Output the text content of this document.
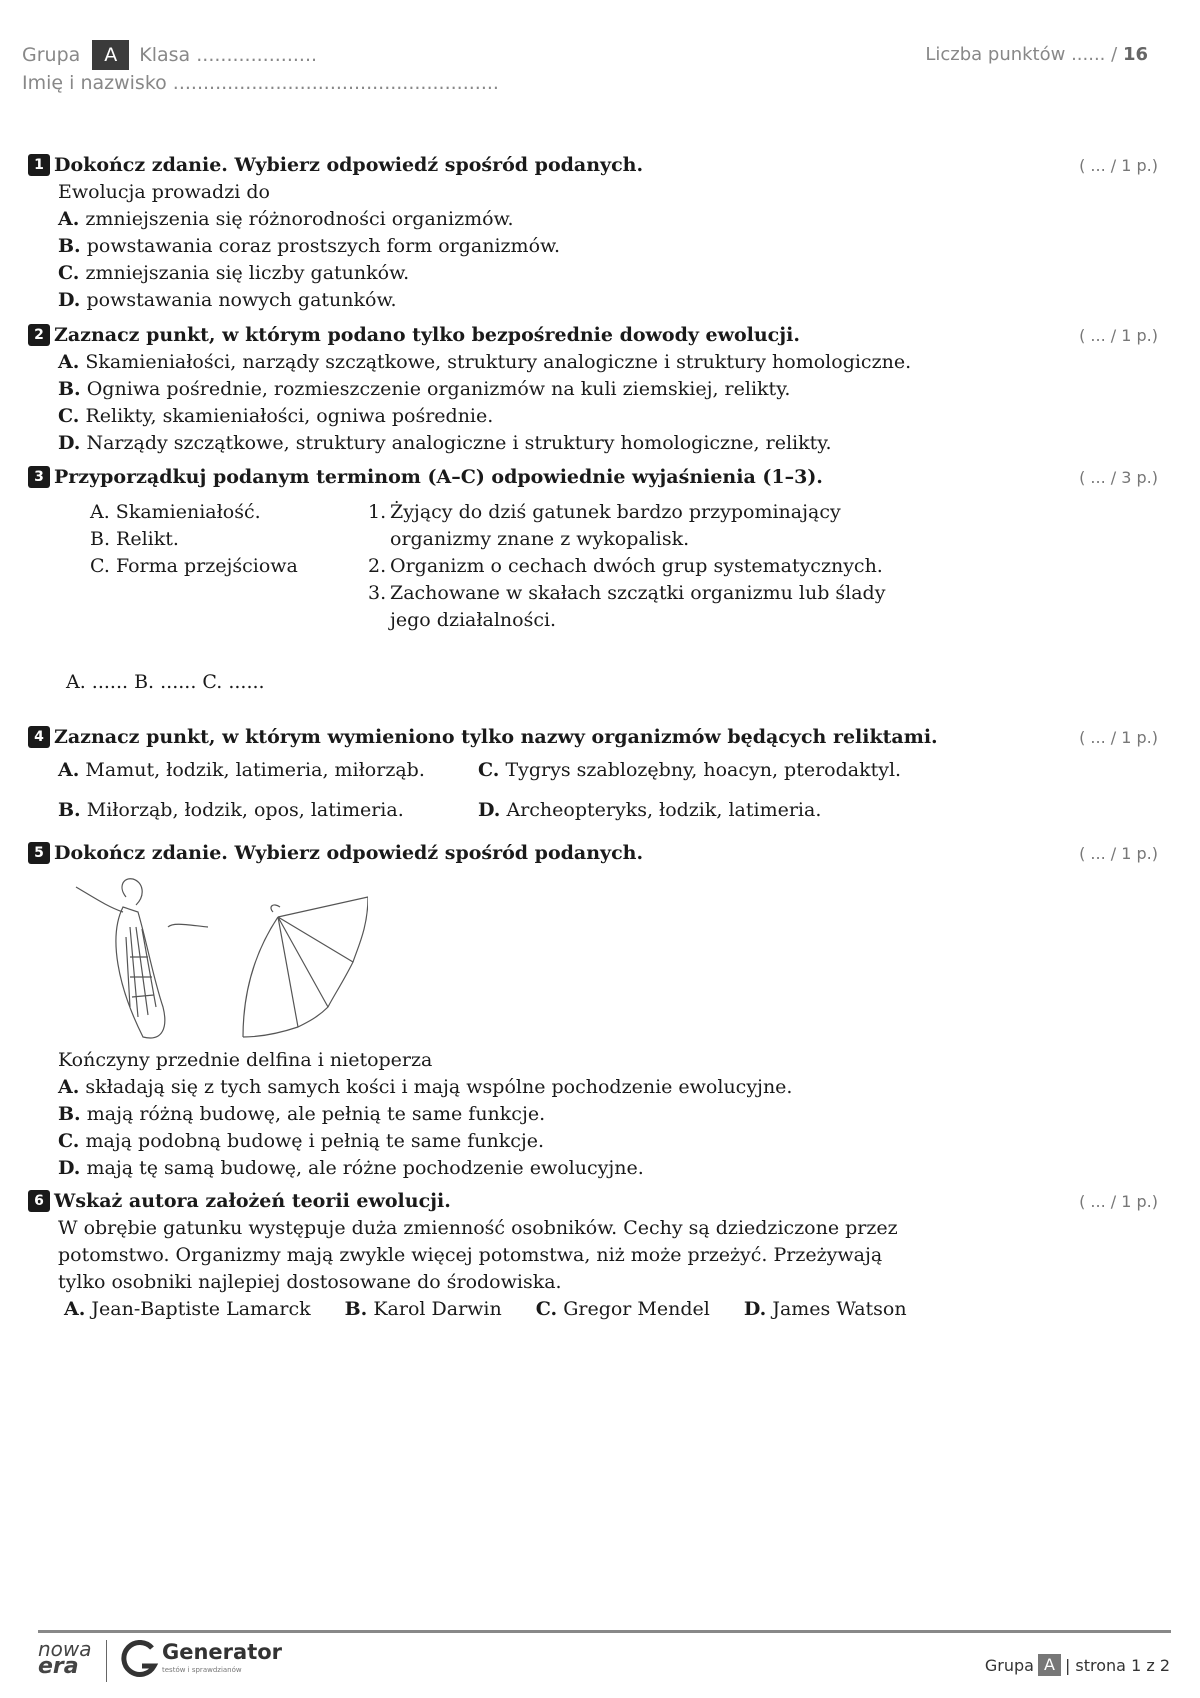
Grupa	A	Klasa ....................
Imię i nazwisko ......................................................
Liczba punktów ...... / 16
1 Dokończ zdanie. Wybierz odpowiedź spośród podanych.	( ... / 1 p.)
Ewolucja prowadzi do
A. zmniejszenia się różnorodności organizmów.
B. powstawania coraz prostszych form organizmów.
C. zmniejszania się liczby gatunków.
D. powstawania nowych gatunków.
2 Zaznacz punkt, w którym podano tylko bezpośrednie dowody ewolucji.	( ... / 1 p.)
A. Skamieniałości, narządy szczątkowe, struktury analogiczne i struktury homologiczne.
B. Ogniwa pośrednie, rozmieszczenie organizmów na kuli ziemskiej, relikty.
C. Relikty, skamieniałości, ogniwa pośrednie.
D. Narządy szczątkowe, struktury analogiczne i struktury homologiczne, relikty.
3 Przyporządkuj podanym terminom (A–C) odpowiednie wyjaśnienia (1–3).	( ... / 3 p.)
A. Skamieniałość.
B. Relikt.
C. Forma przejściowa
1. Żyjący do dziś gatunek bardzo przypominający
organizmy znane z wykopalisk.
2. Organizm o cechach dwóch grup systematycznych.
3. Zachowane w skałach szczątki organizmu lub ślady
jego działalności.
A. ...... B. ...... C. ......
4 Zaznacz punkt, w którym wymieniono tylko nazwy organizmów będących reliktami.	( ... / 1 p.)
A. Mamut, łodzik, latimeria, miłorząb.	C. Tygrys szablozębny, hoacyn, pterodaktyl.
B. Miłorząb, łodzik, opos, latimeria.	D. Archeopteryks, łodzik, latimeria.
5 Dokończ zdanie. Wybierz odpowiedź spośród podanych.	( ... / 1 p.)
Kończyny przednie delfina i nietoperza
A. składają się z tych samych kości i mają wspólne pochodzenie ewolucyjne.
B. mają różną budowę, ale pełnią te same funkcje.
C. mają podobną budowę i pełnią te same funkcje.
D. mają tę samą budowę, ale różne pochodzenie ewolucyjne.
6 Wskaż autora założeń teorii ewolucji.	( ... / 1 p.)
W obrębie gatunku występuje duża zmienność osobników. Cechy są dziedziczone przez
potomstwo. Organizmy mają zwykle więcej potomstwa, niż może przeżyć. Przeżywają
tylko osobniki najlepiej dostosowane do środowiska.
A. Jean-Baptiste Lamarck B. Karol Darwin C. Gregor Mendel D. James Watson
nowa
era
Generator
testów i sprawdzianów	Grupa A | strona 1 z 2
